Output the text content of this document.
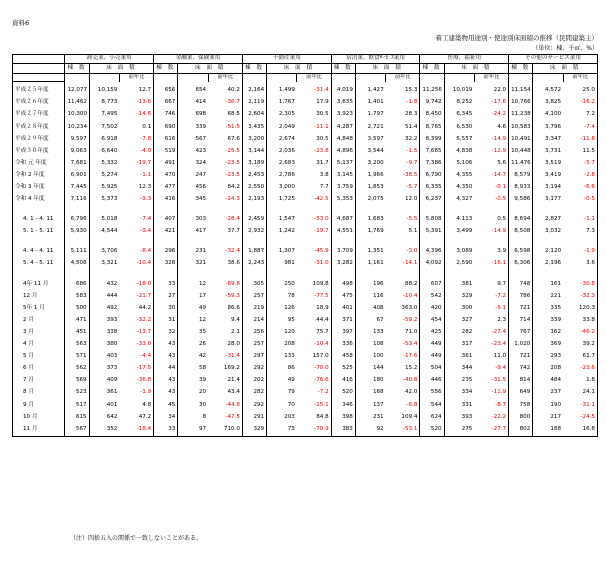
資料6
着工建築物用途別・使途別床面積の推移（民間建築主）
（単位：棟、千㎡、%）
	卸売業、小売業用			金融業、保険業用			不動産業用			宿泊業、飲食ｻｰﾋﾞｽ業用			医療、福祉用			その他のサービス業用		
	棟 数	床 面 積		棟 数	床 面 積		棟 数	床 面 積		棟 数	床 面 積		棟 数	床 面 積		棟 数	床 面 積	
			前年比			前年比			前年比			前年比			前年比			前年比

平成２５年度	12,077	10,159	12.7	656	654	40.2	2,164	1,499	-31.4	4,019	1,427	15.3	11,256	10,019	22.0	11,154	4,572	25.0
平成２６年度	11,462	8,773	-13.6	667	414	-36.7	2,119	1,767	17.9	3,635	1,401	-1.8	9,742	8,252	-17.6	10,766	3,825	-16.2
平成２７年度	10,300	7,495	-14.6	746	698	68.5	2,604	2,305	30.5	3,923	1,797	28.3	8,450	6,345	-24.2	11,238	4,100	7.2
平成２８年度	10,234	7,502	0.1	690	339	-51.5	3,435	2,049	-11.1	4,287	2,721	51.4	8,765	6,530	4.6	10,583	3,796	-7.4
平成２９年度	9,597	6,918	-7.8	616	567	67.6	3,200	2,674	30.5	4,848	3,597	32.2	8,399	5,557	-14.9	10,491	3,347	-11.8
平成３０年度	9,063	6,640	-4.0	519	423	-25.5	3,144	2,036	-23.8	4,896	3,544	-1.5	7,665	4,838	-12.9	10,448	3,731	11.5
令和 元 年度	7,681	5,332	-19.7	491	324	-23.5	3,189	2,683	31.7	5,137	3,200	-9.7	7,386	5,106	5.6	11,476	3,519	-5.7
令和 2 年度	6,901	5,274	-1.1	470	247	-23.5	2,453	2,786	3.8	3,145	1,966	-38.5	6,790	4,355	-14.7	8,579	3,419	-2.8
令和 3 年度	7,445	5,925	12.3	477	456	84.2	2,550	3,000	7.7	3,759	1,853	-5.7	6,335	4,350	-0.1	8,933	3,194	-6.6
令和 4 年度	7,116	5,373	-9.3	416	345	-24.3	2,193	1,725	-42.5	5,353	2,075	12.0	6,237	4,327	-0.5	9,586	3,177	-0.5

4. 1 - 4. 11	6,796	5,018	-7.4	407	303	-28.4	2,459	1,547	-53.0	4,687	1,683	-5.5	5,808	4,113	0.5	8,694	2,827	-1.1
5. 1 - 5. 11	5,930	4,544	-9.4	421	417	37.7	2,932	1,242	-19.7	4,551	1,769	5.1	5,391	3,499	-14.9	8,508	3,032	7.3

4. 4 - 4. 11	5,111	3,706	-8.4	296	231	-32.4	1,887	1,307	-45.9	3,709	1,351	-3.0	4,396	3,089	3.9	6,598	2,120	-1.9
5. 4 - 5. 11	4,508	3,321	-10.4	328	321	38.6	2,243	981	-31.0	3,282	1,161	-14.1	4,092	2,590	-16.1	6,306	2,196	3.6

4年 11 月	686	432	-18.0	33	12	-69.8	305	250	109.8	498	196	88.2	607	381	9.7	748	161	-30.8
12 月	583	444	-21.7	27	17	-59.3	257	78	-77.5	475	116	-10.4	542	329	-7.2	786	221	-32.3
5年 1 月	500	492	44.2	30	49	86.6	219	126	18.9	401	408	363.0	420	300	-5.1	721	335	120.3
2 月	471	393	-32.2	31	12	9.4	214	95	44.4	371	67	-59.2	454	327	2.3	714	339	33.8
3 月	451	338	-13.7	32	35	2.1	256	120	75.7	397	133	71.0	425	282	-27.4	767	162	-46.2
4 月	563	380	-33.0	43	26	28.0	257	208	-10.4	336	108	-53.4	449	317	-23.4	1,020	369	39.2
5 月	571	403	-4.4	43	42	-31.4	297	133	157.0	458	100	-17.6	449	361	11.0	721	293	61.7
6 月	562	373	-17.5	44	58	169.2	292	86	-70.0	525	144	15.2	504	344	-9.4	742	208	-23.6
7 月	569	409	-36.8	43	39	21.4	202	49	-76.6	416	180	-40.8	446	235	-31.5	814	484	1.8
8 月	523	361	-1.9	43	20	43.4	282	79	-7.2	520	168	42.0	556	334	-11.9	649	237	24.1
9 月	517	401	4.8	45	30	-44.8	292	70	-15.1	346	137	-6.8	544	331	-8.7	758	190	-31.1
10 月	615	642	47.2	34	8	-47.5	291	203	84.8	398	231	109.4	624	393	-22.2	800	217	-24.5
11 月	567	352	-18.4	33	97	710.0	329	73	-70.9	383	92	-53.1	520	275	-27.7	802	188	16.8
（注）四捨五入の関係で一致しないことがある。
